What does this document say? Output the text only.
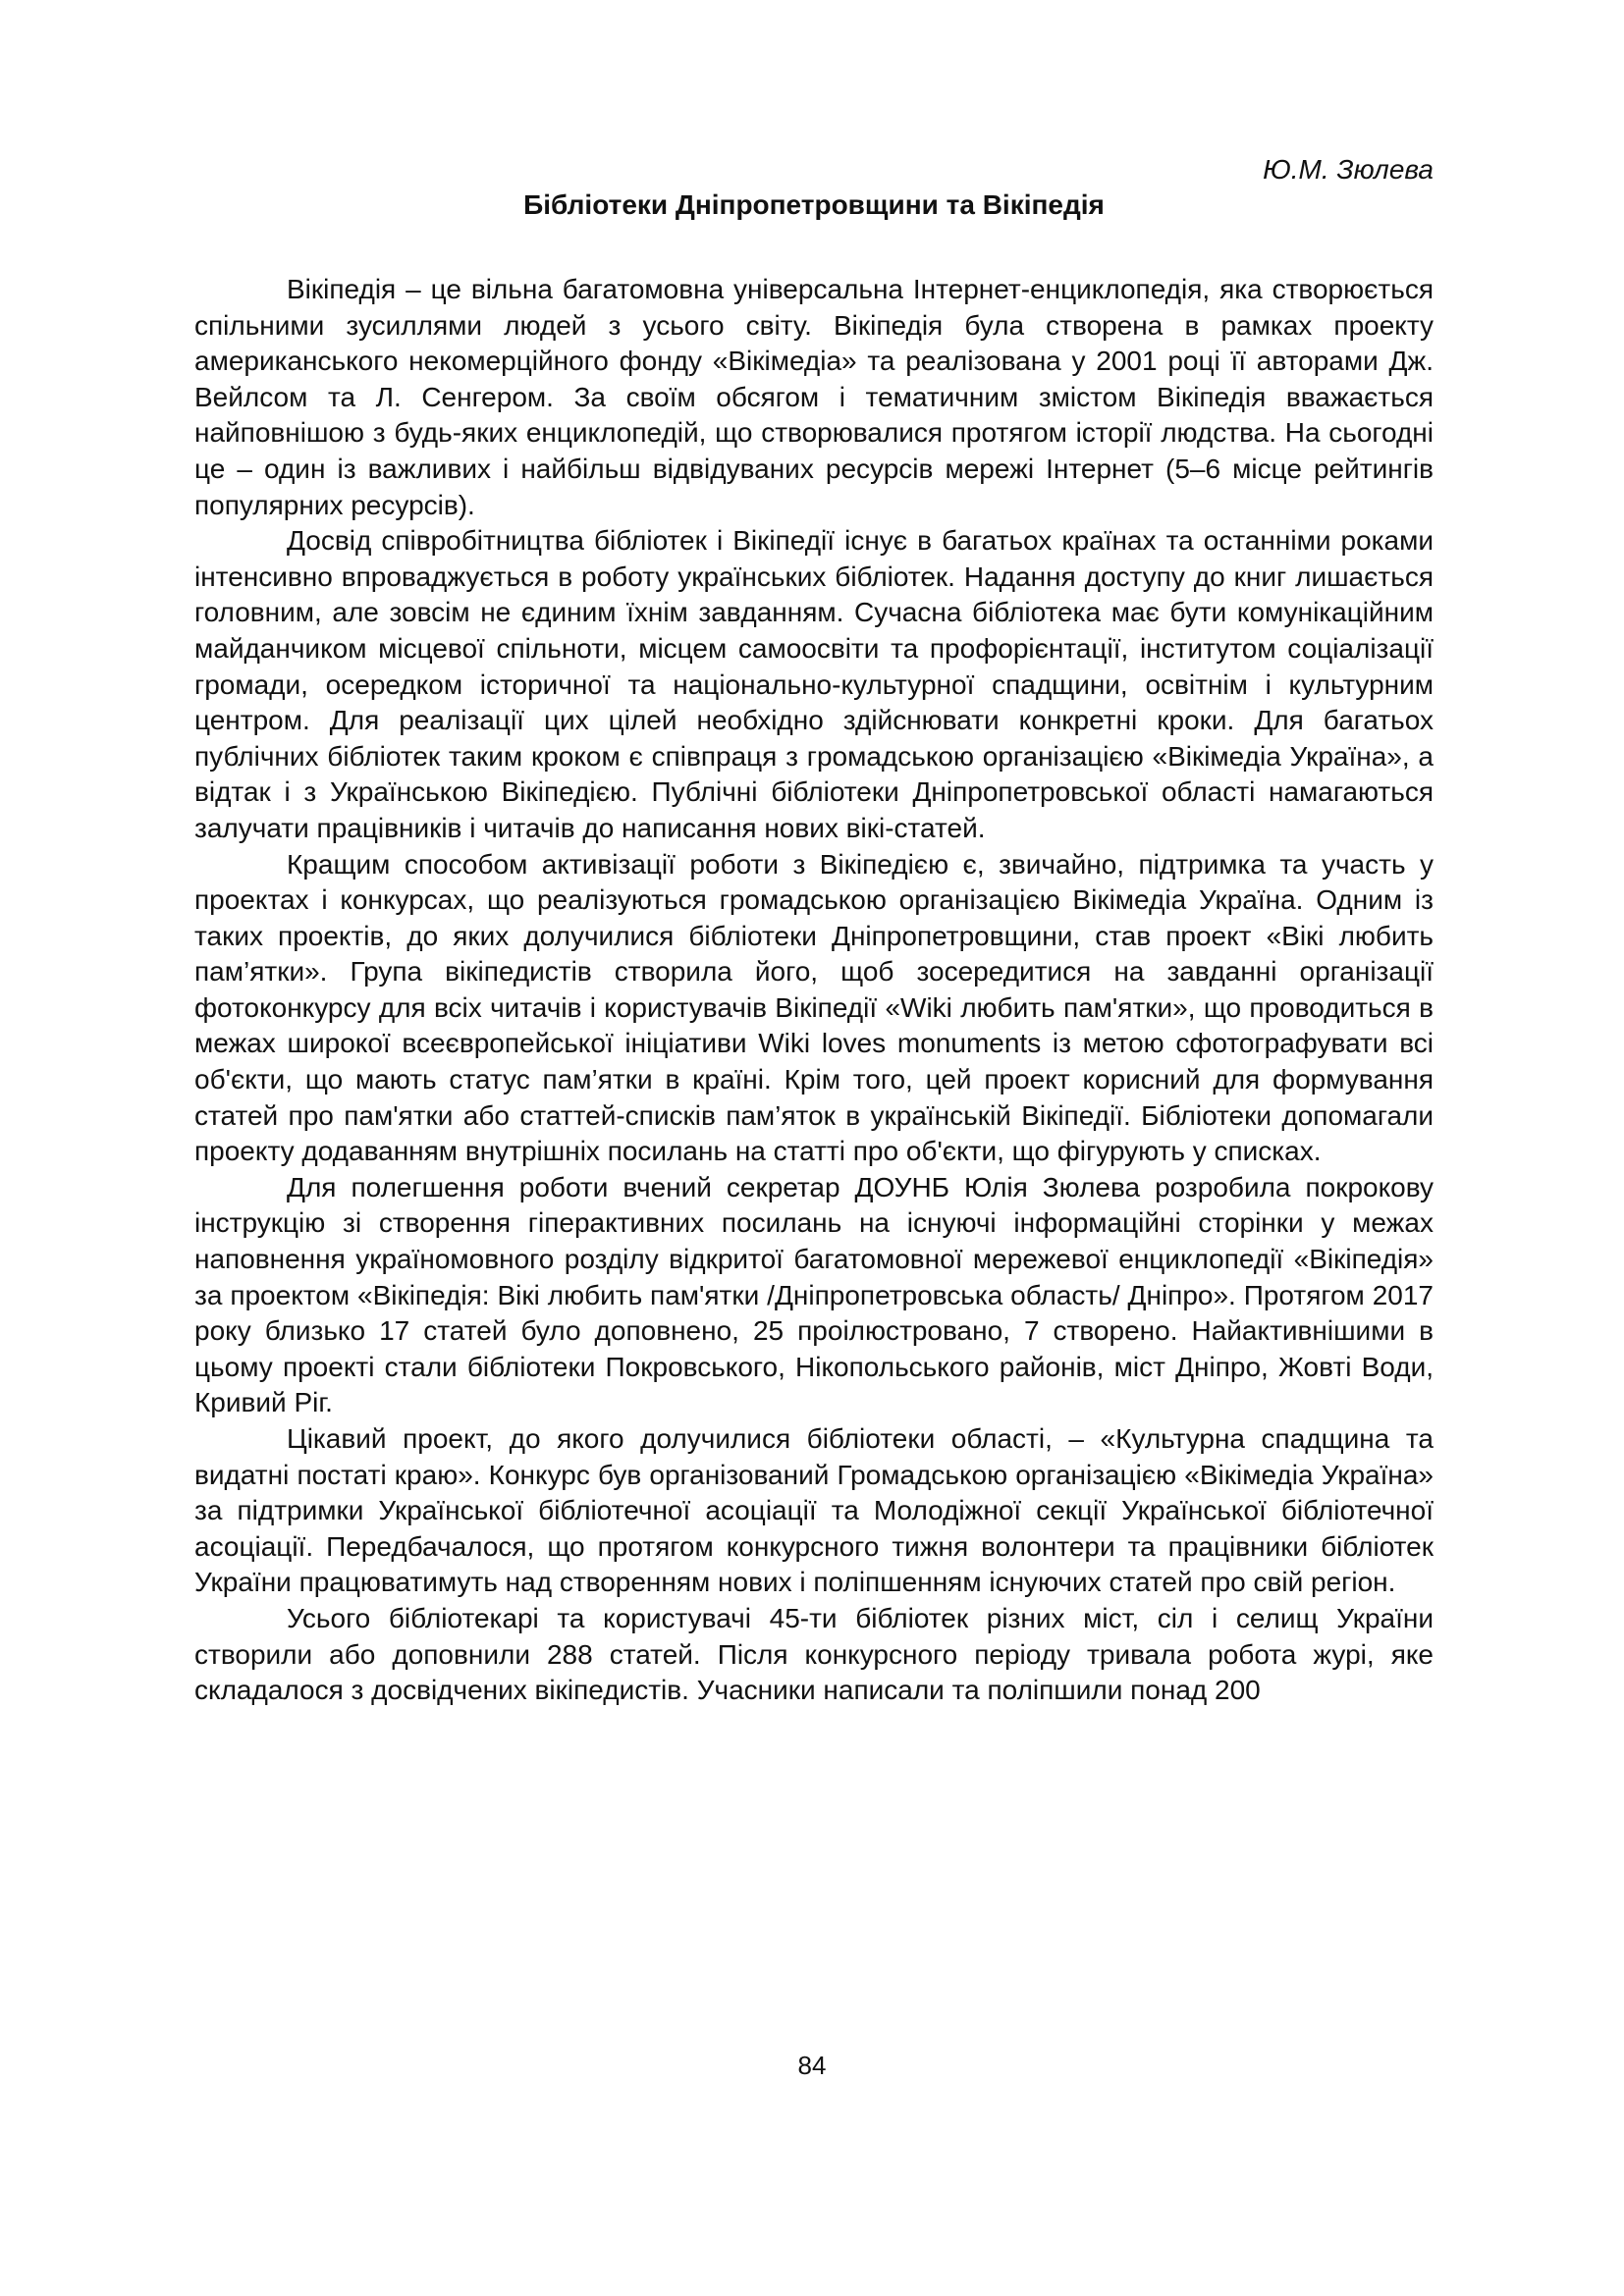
Ю.М. Зюлева

Бібліотеки Дніпропетровщини та Вікіпедія

Вікіпедія – це вільна багатомовна універсальна Інтернет-енциклопедія, яка створюється спільними зусиллями людей з усього світу. Вікіпедія була створена в рамках проекту американського некомерційного фонду «Вікімедіа» та реалізована у 2001 році її авторами Дж. Вейлсом та Л. Сенгером. За своїм обсягом і тематичним змістом Вікіпедія вважається найповнішою з будь-яких енциклопедій, що створювалися протягом історії людства. На сьогодні це – один із важливих і найбільш відвідуваних ресурсів мережі Інтернет (5–6 місце рейтингів популярних ресурсів).

Досвід співробітництва бібліотек і Вікіпедії існує в багатьох країнах та останніми роками інтенсивно впроваджується в роботу українських бібліотек. Надання доступу до книг лишається головним, але зовсім не єдиним їхнім завданням. Сучасна бібліотека має бути комунікаційним майданчиком місцевої спільноти, місцем самоосвіти та профорієнтації, інститутом соціалізації громади, осередком історичної та національно-культурної спадщини, освітнім і культурним центром. Для реалізації цих цілей необхідно здійснювати конкретні кроки. Для багатьох публічних бібліотек таким кроком є співпраця з громадською організацією «Вікімедіа Україна», а відтак і з Українською Вікіпедією. Публічні бібліотеки Дніпропетровської області намагаються залучати працівників і читачів до написання нових вікі-статей.

Кращим способом активізації роботи з Вікіпедією є, звичайно, підтримка та участь у проектах і конкурсах, що реалізуються громадською організацією Вікімедіа Україна. Одним із таких проектів, до яких долучилися бібліотеки Дніпропетровщини, став проект «Вікі любить пам’ятки». Група вікіпедистів створила його, щоб зосередитися на завданні організації фотоконкурсу для всіх читачів і користувачів Вікіпедії «Wiki любить пам'ятки», що проводиться в межах широкої всеєвропейської ініціативи Wiki loves monuments із метою сфотографувати всі об'єкти, що мають статус пам’ятки в країні. Крім того, цей проект корисний для формування статей про пам'ятки або статтей-списків пам’яток в українській Вікіпедії. Бібліотеки допомагали проекту додаванням внутрішніх посилань на статті про об'єкти, що фігурують у списках.

Для полегшення роботи вчений секретар ДОУНБ Юлія Зюлева розробила покрокову інструкцію зі створення гіперактивних посилань на існуючі інформаційні сторінки у межах наповнення україномовного розділу відкритої багатомовної мережевої енциклопедії «Вікіпедія» за проектом «Вікіпедія: Вікі любить пам'ятки /Дніпропетровська область/ Дніпро». Протягом 2017 року близько 17 статей було доповнено, 25 проілюстровано, 7 створено. Найактивнішими в цьому проекті стали бібліотеки Покровського, Нікопольського районів, міст Дніпро, Жовті Води, Кривий Ріг.

Цікавий проект, до якого долучилися бібліотеки області, – «Культурна спадщина та видатні постаті краю». Конкурс був організований Громадською організацією «Вікімедіа Україна» за підтримки Української бібліотечної асоціації та Молодіжної секції Української бібліотечної асоціації. Передбачалося, що протягом конкурсного тижня волонтери та працівники бібліотек України працюватимуть над створенням нових і поліпшенням існуючих статей про свій регіон.

Усього бібліотекарі та користувачі 45-ти бібліотек різних міст, сіл і селищ України створили або доповнили 288 статей. Після конкурсного періоду тривала робота журі, яке складалося з досвідчених вікіпедистів. Учасники написали та поліпшили понад 200

84
